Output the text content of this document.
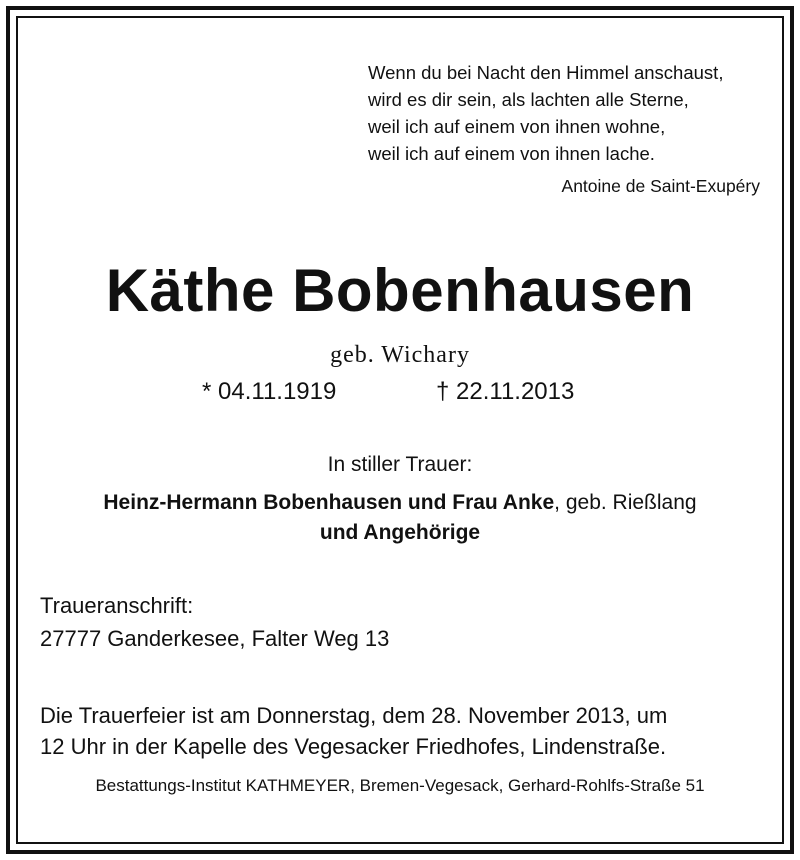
Wenn du bei Nacht den Himmel anschaust,
wird es dir sein, als lachten alle Sterne,
weil ich auf einem von ihnen wohne,
weil ich auf einem von ihnen lache.
Antoine de Saint-Exupéry
Käthe Bobenhausen
geb. Wichary
* 04.11.1919	† 22.11.2013
In stiller Trauer:
Heinz-Hermann Bobenhausen und Frau Anke, geb. Rießlang
und Angehörige
Traueranschrift:
27777 Ganderkesee, Falter Weg 13
Die Trauerfeier ist am Donnerstag, dem 28. November 2013, um
12 Uhr in der Kapelle des Vegesacker Friedhofes, Lindenstraße.
Bestattungs-Institut KATHMEYER, Bremen-Vegesack, Gerhard-Rohlfs-Straße 51
